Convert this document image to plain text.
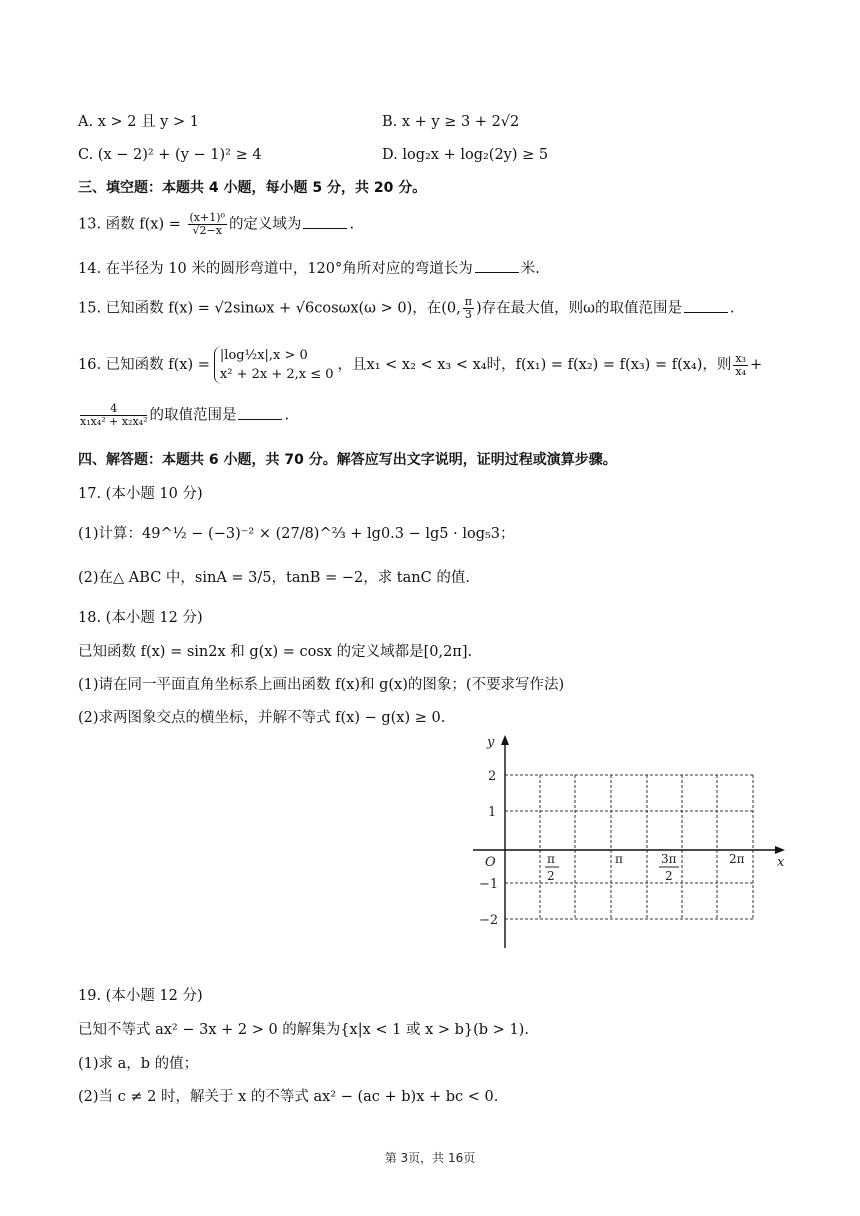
A. x > 2 且 y > 1	B. x + y ≥ 3 + 2√2
C. (x − 2)² + (y − 1)² ≥ 4	D. log₂x + log₂(2y) ≥ 5
三、填空题：本题共 4 小题，每小题 5 分，共 20 分。
13. 函数 $f(x) = \frac{\text{(x+1)⁰}}{√2-x}$ 的定义域为	.
14. 在半径为 10 米的圆形弯道中，120°角所对应的弯道长为	米.
15. 已知函数 f(x) = √2sinωx + √6cosωx(ω > 0)，在(0, $\frac{\pi}{3}$ )存在最大值，则ω的取值范围是	.
16. 已知函数 f(x) =
|log½x|,x > 0
x² + 2x + 2,x ≤ 0
，且x₁ < x₂ < x₃ < x₄时，f(x₁) = f(x₂) = f(x₃) = f(x₄)，则 $\frac{\text{x₃}}{\text{x₄}}$ +
$\frac{4}{\text{x₁x₄² + x₂x₄²}}$ 的取值范围是	.
四、解答题：本题共 6 小题，共 70 分。解答应写出文字说明，证明过程或演算步骤。
17. (本小题 10 分)
(1)计算：49^½ − (−3)⁻² × (27/8)^⅔ + lg0.3 − lg5 · log₅3；
(2)在△ ABC 中，sinA = 3/5，tanB = −2，求 tanC 的值.
18. (本小题 12 分)
已知函数 f(x) = sin2x 和 g(x) = cosx 的定义域都是[0,2π].
(1)请在同一平面直角坐标系上画出函数 f(x)和 g(x)的图象；(不要求写作法)
(2)求两图象交点的横坐标，并解不等式 f(x) − g(x) ≥ 0.
y
x
O
2
1
−1
−2
π
2
π	3π
2
2π
19. (本小题 12 分)
已知不等式 ax² − 3x + 2 > 0 的解集为{x|x < 1 或 x > b}(b > 1).
(1)求 a，b 的值；
(2)当 c ≠ 2 时，解关于 x 的不等式 ax² − (ac + b)x + bc < 0.
第 3页，共 16页
